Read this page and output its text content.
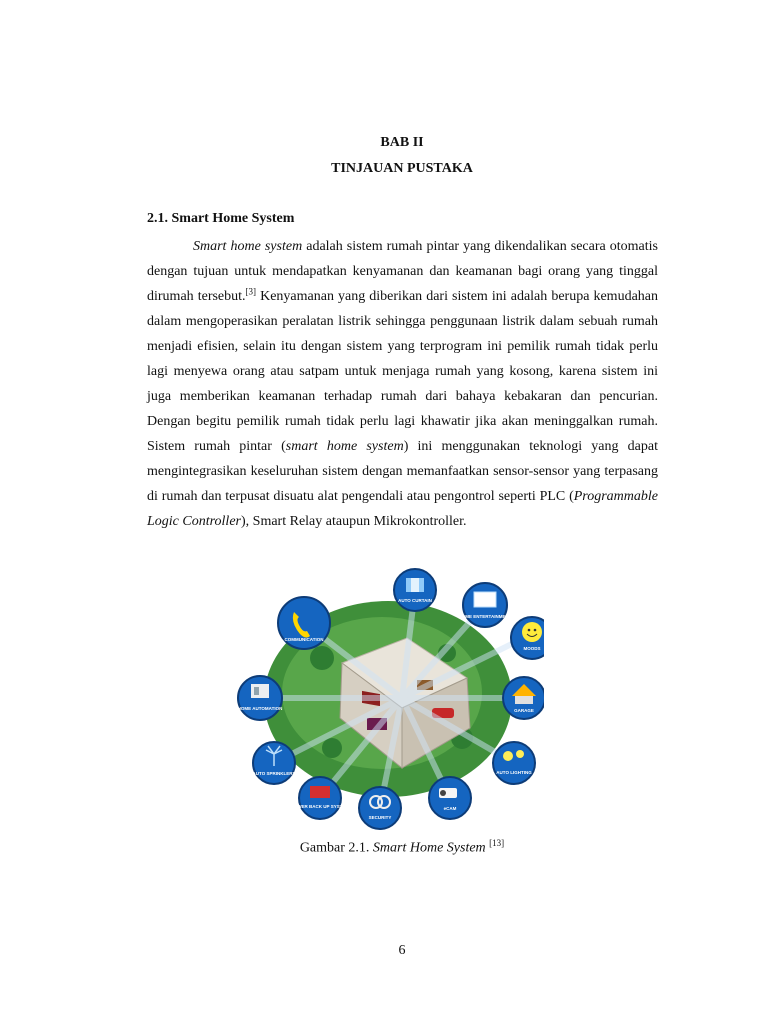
BAB II
TINJAUAN PUSTAKA
2.1. Smart Home System

Smart home system adalah sistem rumah pintar yang dikendalikan secara otomatis dengan tujuan untuk mendapatkan kenyamanan dan keamanan bagi orang yang tinggal dirumah tersebut.[3] Kenyamanan yang diberikan dari sistem ini adalah berupa kemudahan dalam mengoperasikan peralatan listrik sehingga penggunaan listrik dalam sebuah rumah menjadi efisien, selain itu dengan sistem yang terprogram ini pemilik rumah tidak perlu lagi menyewa orang atau satpam untuk menjaga rumah yang kosong, karena sistem ini juga memberikan keamanan terhadap rumah dari bahaya kebakaran dan pencurian. Dengan begitu pemilik rumah tidak perlu lagi khawatir jika akan meninggalkan rumah. Sistem rumah pintar (smart home system) ini menggunakan teknologi yang dapat mengintegrasikan keseluruhan sistem dengan memanfaatkan sensor-sensor yang terpasang di rumah dan terpusat disuatu alat pengendali atau pengontrol seperti PLC (Programmable Logic Controller), Smart Relay ataupun Mikrokontroller.

COMMUNICATION
AUTO CURTAIN
HOME ENTERTAINMENT
MOODS
GARAGE
AUTO LIGHTING
eCAM
SECURITY
POWER BACK UP SYSTEM
AUTO SPRINKLERS
HOME AUTOMATION
Gambar 2.1. Smart Home System [13]
6
